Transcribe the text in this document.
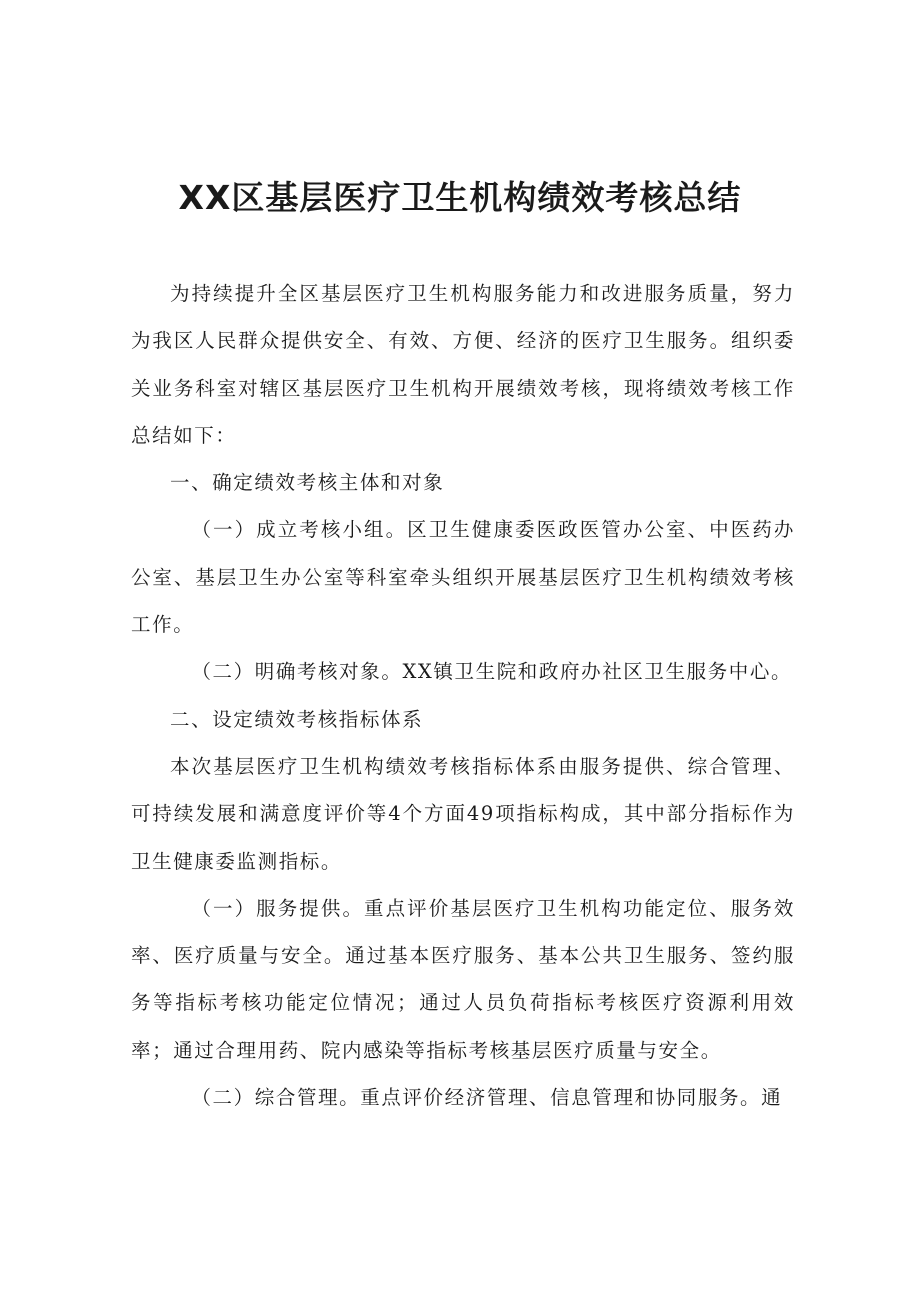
XX区基层医疗卫生机构绩效考核总结

为持续提升全区基层医疗卫生机构服务能力和改进服务质量，努力为我区人民群众提供安全、有效、方便、经济的医疗卫生服务。组织委关业务科室对辖区基层医疗卫生机构开展绩效考核，现将绩效考核工作总结如下：

一、确定绩效考核主体和对象

（一）成立考核小组。区卫生健康委医政医管办公室、中医药办公室、基层卫生办公室等科室牵头组织开展基层医疗卫生机构绩效考核工作。

（二）明确考核对象。XX镇卫生院和政府办社区卫生服务中心。

二、设定绩效考核指标体系

本次基层医疗卫生机构绩效考核指标体系由服务提供、综合管理、可持续发展和满意度评价等4个方面49项指标构成，其中部分指标作为卫生健康委监测指标。

（一）服务提供。重点评价基层医疗卫生机构功能定位、服务效率、医疗质量与安全。通过基本医疗服务、基本公共卫生服务、签约服务等指标考核功能定位情况；通过人员负荷指标考核医疗资源利用效率；通过合理用药、院内感染等指标考核基层医疗质量与安全。

（二）综合管理。重点评价经济管理、信息管理和协同服务。通
